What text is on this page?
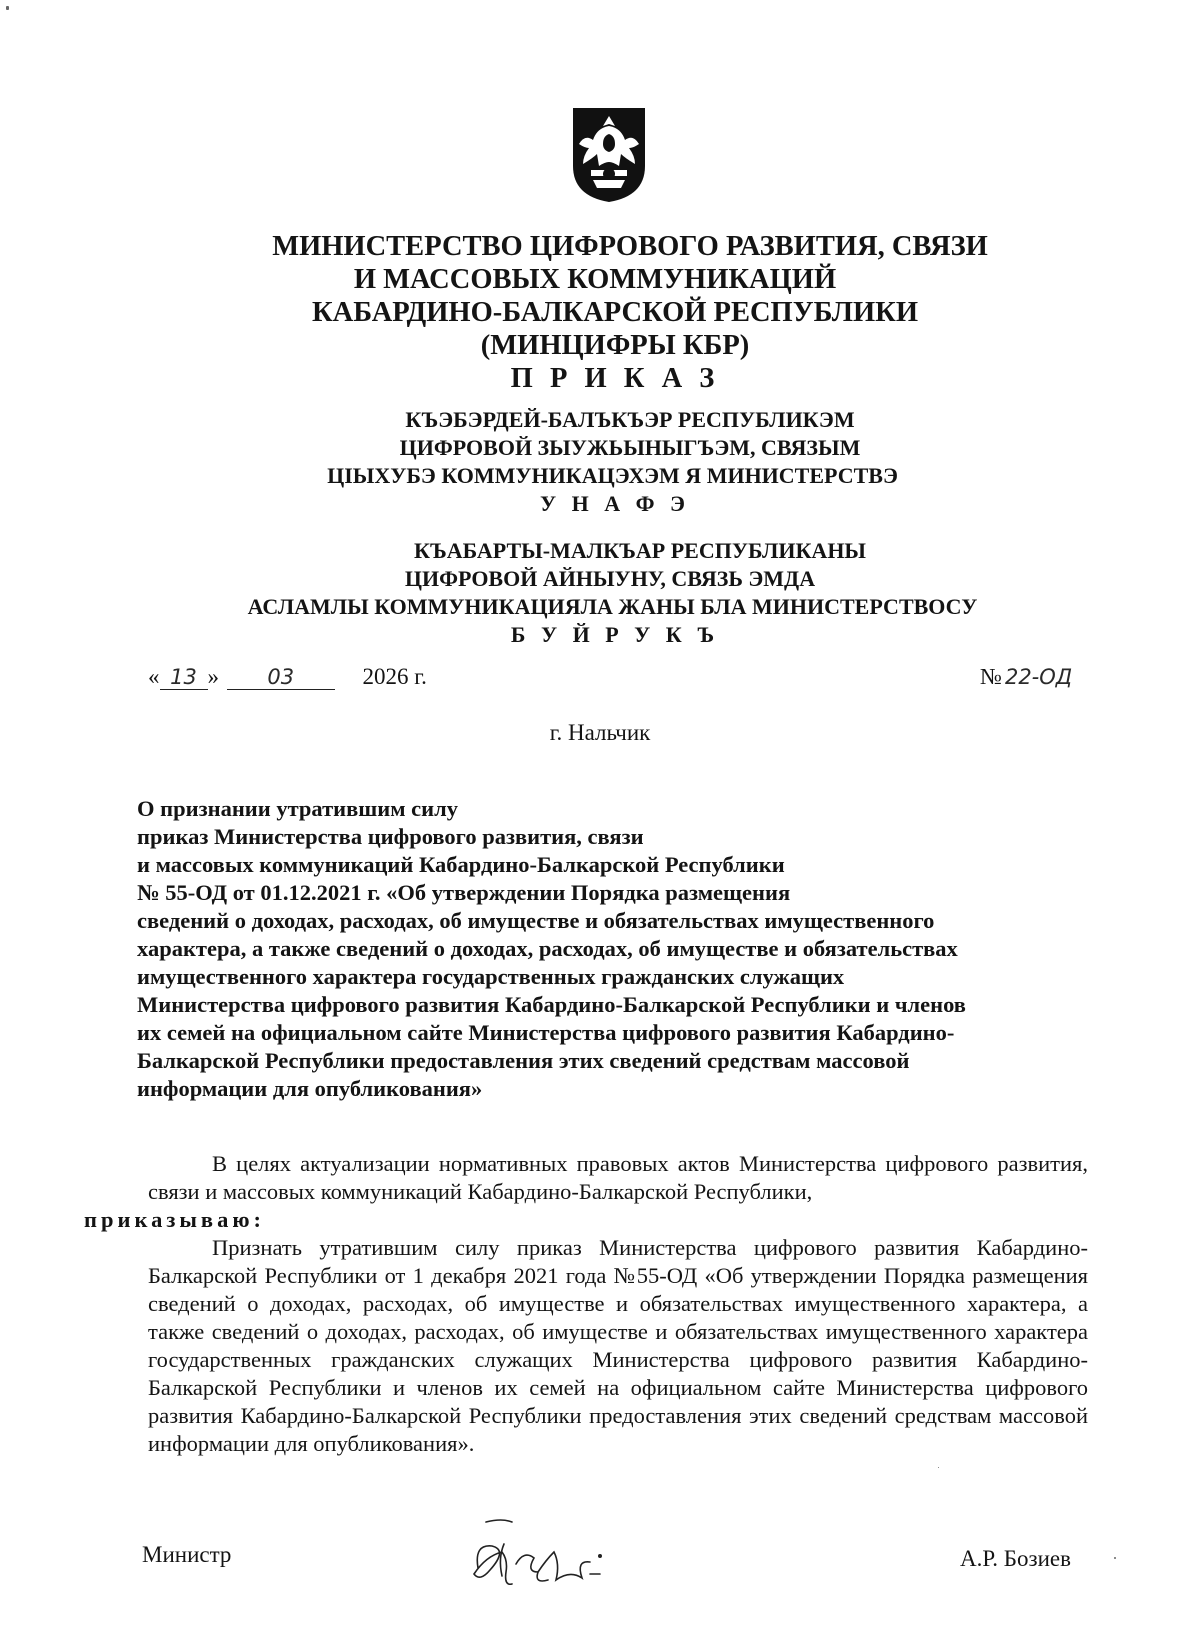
МИНИСТЕРСТВО ЦИФРОВОГО РАЗВИТИЯ, СВЯЗИ
И МАССОВЫХ КОММУНИКАЦИЙ
КАБАРДИНО-БАЛКАРСКОЙ РЕСПУБЛИКИ
(МИНЦИФРЫ КБР)
П Р И К А З
КЪЭБЭРДЕЙ-БАЛЪКЪЭР РЕСПУБЛИКЭМ
ЦИФРОВОЙ ЗЫУЖЬЫНЫГЪЭМ, СВЯЗЫМ
ЦIЫХУБЭ КОММУНИКАЦЭХЭМ Я МИНИСТЕРСТВЭ
У Н А Ф Э
КЪАБАРТЫ-МАЛКЪАР РЕСПУБЛИКАНЫ
ЦИФРОВОЙ АЙНЫУНУ, СВЯЗЬ ЭМДА
АСЛАМЛЫ КОММУНИКАЦИЯЛА ЖАНЫ БЛА МИНИСТЕРСТВОСУ
Б У Й Р У К Ъ
« 13 » 03	2026 г.	№ 22-ОД
г. Нальчик
О признании утратившим силу
приказ Министерства цифрового развития, связи
и массовых коммуникаций Кабардино-Балкарской Республики
№ 55-ОД от 01.12.2021 г. «Об утверждении Порядка размещения
сведений о доходах, расходах, об имуществе и обязательствах имущественного
характера, а также сведений о доходах, расходах, об имуществе и обязательствах
имущественного характера государственных гражданских служащих
Министерства цифрового развития Кабардино-Балкарской Республики и членов
их семей на официальном сайте Министерства цифрового развития Кабардино-
Балкарской Республики предоставления этих сведений средствам массовой
информации для опубликования»

В целях актуализации нормативных правовых актов Министерства цифрового развития, связи и массовых коммуникаций Кабардино-Балкарской Республики,
приказываю:

Признать утратившим силу приказ Министерства цифрового развития Кабардино-Балкарской Республики от 1 декабря 2021 года №55-ОД «Об утверждении Порядка размещения сведений о доходах, расходах, об имуществе и обязательствах имущественного характера, а также сведений о доходах, расходах, об имуществе и обязательствах имущественного характера государственных гражданских служащих Министерства цифрового развития Кабардино-Балкарской Республики и членов их семей на официальном сайте Министерства цифрового развития Кабардино-Балкарской Республики предоставления этих сведений средствам массовой информации для опубликования».

Министр	А.Р. Бозиев
